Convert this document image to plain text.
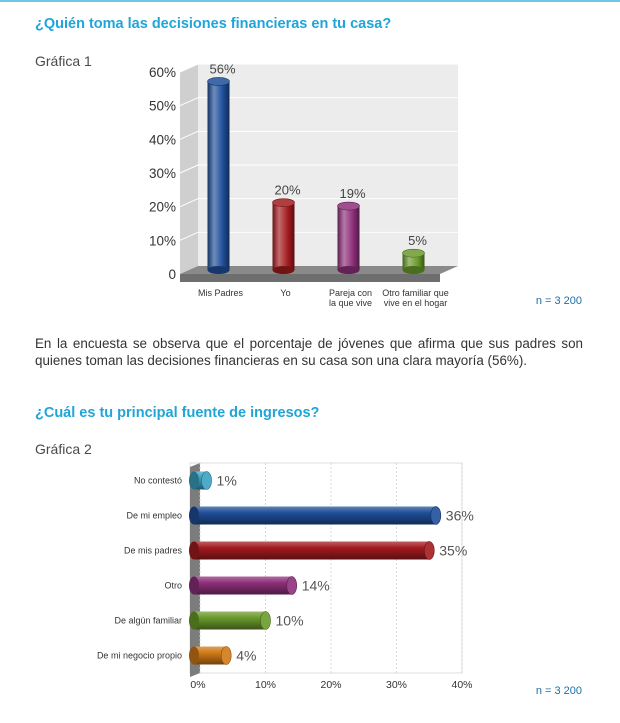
¿Quién toma las decisiones financieras en tu casa?
Gráfica 1
0
10%
20%
30%
40%
50%
60%	56%
Mis Padres
20%
Yo
19%
Pareja con
la que vive
5%
Otro familiar que
vive en el hogar	n = 3 200

En la encuesta se observa que el porcentaje de jóvenes que afirma que sus padres son quienes toman las decisiones financieras en su casa son una clara mayoría (56%).

¿Cuál es tu principal fuente de ingresos?
Gráfica 2
0%	10%	20%	30%	40%
1%
No contestó
36%
De mi empleo
35%
De mis padres
14%
Otro
10%
De algún familiar
4%
De mi negocio propio
n = 3 200
